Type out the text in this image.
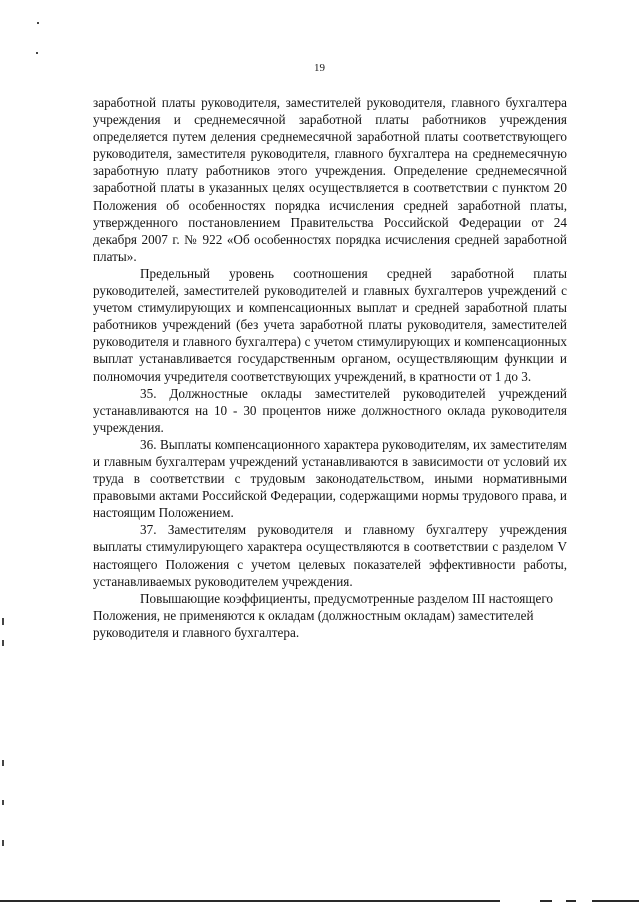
19

заработной платы руководителя, заместителей руководителя, главного бухгалтера учреждения и среднемесячной заработной платы работников учреждения определяется путем деления среднемесячной заработной платы соответствующего руководителя, заместителя руководителя, главного бухгалтера на среднемесячную заработную плату работников этого учреждения. Определение среднемесячной заработной платы в указанных целях осуществляется в соответствии с пунктом 20 Положения об особенностях порядка исчисления средней заработной платы, утвержденного постановлением Правительства Российской Федерации от 24 декабря 2007 г. № 922 «Об особенностях порядка исчисления средней заработной платы».

Предельный уровень соотношения средней заработной платы руководителей, заместителей руководителей и главных бухгалтеров учреждений с учетом стимулирующих и компенсационных выплат и средней заработной платы работников учреждений (без учета заработной платы руководителя, заместителей руководителя и главного бухгалтера) с учетом стимулирующих и компенсационных выплат устанавливается государственным органом, осуществляющим функции и полномочия учредителя соответствующих учреждений, в кратности от 1 до 3.

35. Должностные оклады заместителей руководителей учреждений устанавливаются на 10 - 30 процентов ниже должностного оклада руководителя учреждения.

36. Выплаты компенсационного характера руководителям, их заместителям и главным бухгалтерам учреждений устанавливаются в зависимости от условий их труда в соответствии с трудовым законодательством, иными нормативными правовыми актами Российской Федерации, содержащими нормы трудового права, и настоящим Положением.

37. Заместителям руководителя и главному бухгалтеру учреждения выплаты стимулирующего характера осуществляются в соответствии с разделом V настоящего Положения с учетом целевых показателей эффективности работы, устанавливаемых руководителем учреждения.

Повышающие коэффициенты, предусмотренные разделом III настоящего Положения, не применяются к окладам (должностным окладам) заместителей руководителя и главного бухгалтера.
